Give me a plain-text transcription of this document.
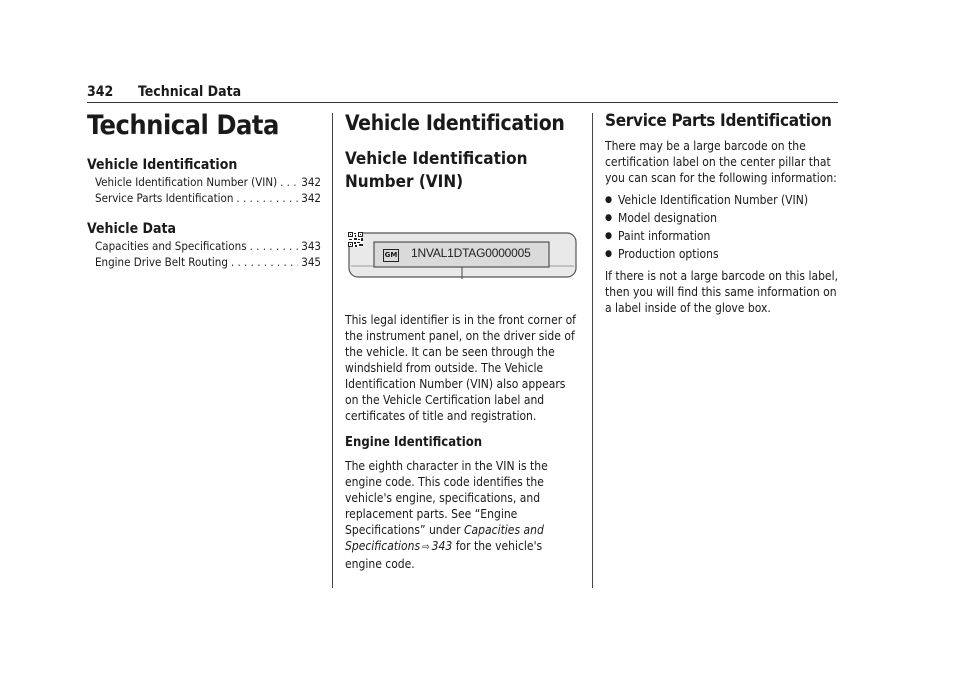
342 Technical Data
Technical Data
Vehicle Identification
Vehicle Identification Number (VIN) . . . 342
Service Parts Identification . . .	342
Vehicle Data
Capacities and Specifications . . .	343
Engine Drive Belt Routing . . .	345
Vehicle Identification
Vehicle Identification
Number (VIN)
GM 1NVAL1DTAG0000005

This legal identifier is in the front corner of the instrument panel, on the driver side of the vehicle. It can be seen through the windshield from outside. The Vehicle Identification Number (VIN) also appears on the Vehicle Certification label and certificates of title and registration.

Engine Identification

The eighth character in the VIN is the engine code. This code identifies the vehicle's engine, specifications, and replacement parts. See “Engine Specifications” under Capacities and Specifications ⇨ 343 for the vehicle's engine code.

Service Parts Identification

There may be a large barcode on the certification label on the center pillar that you can scan for the following information:

● Vehicle Identification Number (VIN)
● Model designation
● Paint information
● Production options

If there is not a large barcode on this label, then you will find this same information on a label inside of the glove box.
